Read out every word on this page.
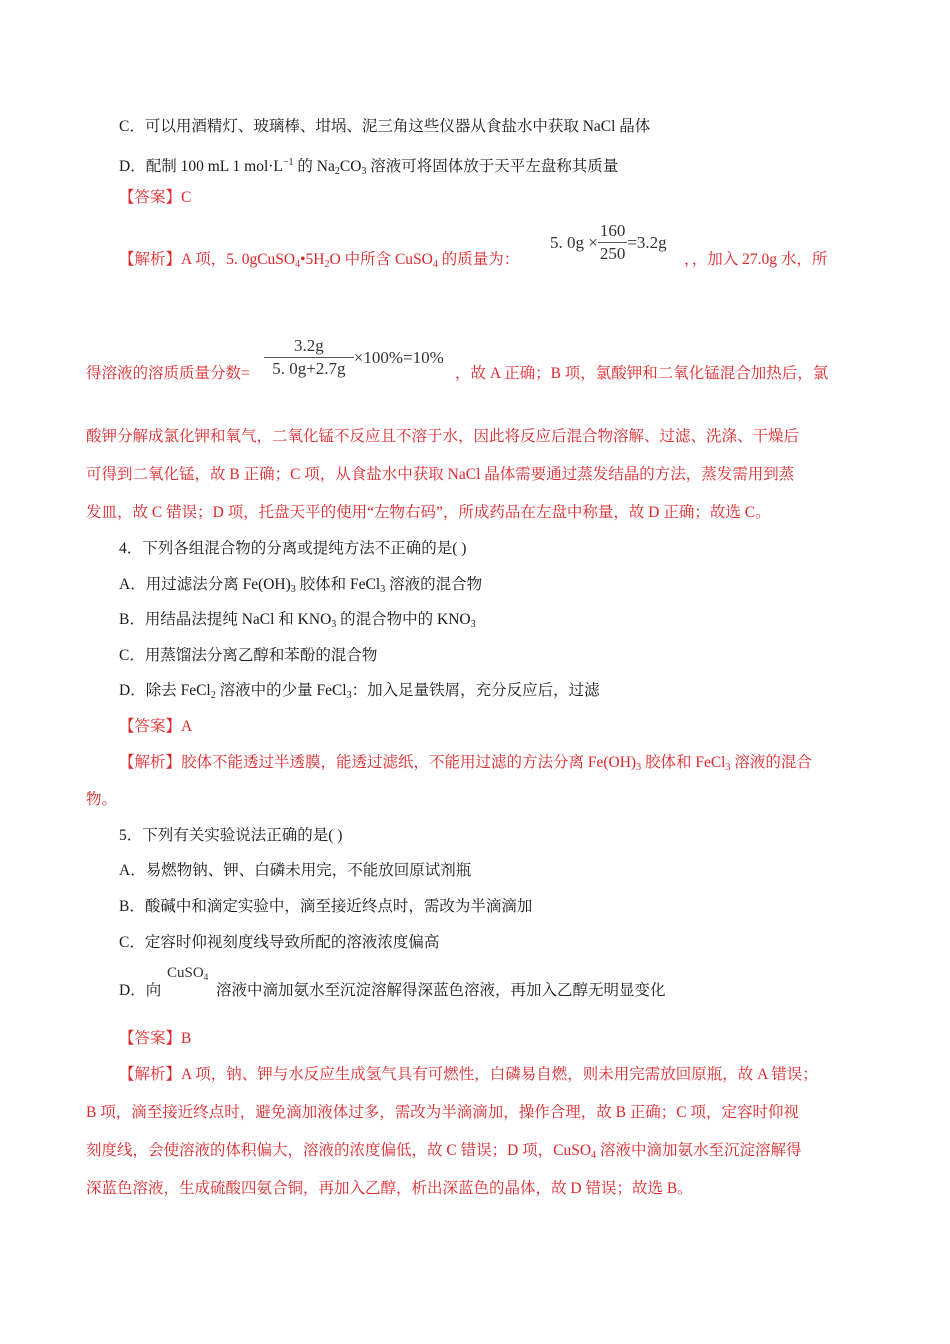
C．可以用酒精灯、玻璃棒、坩埚、泥三角这些仪器从食盐水中获取 NaCl 晶体
D．配制 100 mL 1 $mol\cdot L^{-1}$ 的 $Na_2CO_3$ 溶液可将固体放于天平左盘称其质量
【答案】C
【解析】A 项，5. $0gCuSO_4•5H_2O$ 中所含 CuSO$_4$ 的质量为：
5. $0g \times \frac{160}{250} =3.2g$
，，加入 27.0g 水，所
得溶液的溶质质量分数= $\frac{3.2g}{5. 0g+2.7g} \times 100\%=10\%$
，故 A 正确；B 项，氯酸钾和二氧化锰混合加热后，氯
酸钾分解成氯化钾和氧气，二氧化锰不反应且不溶于水，因此将反应后混合物溶解、过滤、洗涤、干燥后
可得到二氧化锰，故 B 正确；C 项，从食盐水中获取 NaCl 晶体需要通过蒸发结晶的方法，蒸发需用到蒸
发皿，故 C 错误；D 项，托盘天平的使用“左物右码”，所成药品在左盘中称量，故 D 正确；故选 C。
4．下列各组混合物的分离或提纯方法不正确的是( )
A．用过滤法分离 $Fe(OH)_3$ 胶体和 FeCl$_3$ 溶液的混合物
B．用结晶法提纯 NaCl 和 $KNO_3$ 的混合物中的 $KNO_3$
C．用蒸馏法分离乙醇和苯酚的混合物
D．除去 FeCl$_2$ 溶液中的少量 FeCl$_3$：加入足量铁屑，充分反应后，过滤
【答案】A
【解析】胶体不能透过半透膜，能透过滤纸，不能用过滤的方法分离 $Fe(OH)_3$ 胶体和 FeCl$_3$ 溶液的混合
物。
5．下列有关实验说法正确的是( )
A．易燃物钠、钾、白磷未用完，不能放回原试剂瓶
B．酸碱中和滴定实验中，滴至接近终点时，需改为半滴滴加
C．定容时仰视刻度线导致所配的溶液浓度偏高
D．向
CuSO$_4$
溶液中滴加氨水至沉淀溶解得深蓝色溶液，再加入乙醇无明显变化
【答案】B
【解析】A 项，钠、钾与水反应生成氢气具有可燃性，白磷易自燃，则未用完需放回原瓶，故 A 错误；
B 项，滴至接近终点时，避免滴加液体过多，需改为半滴滴加，操作合理，故 B 正确；C 项，定容时仰视
刻度线，会使溶液的体积偏大，溶液的浓度偏低，故 C 错误；D 项，CuSO$_4$ 溶液中滴加氨水至沉淀溶解得
深蓝色溶液，生成硫酸四氨合铜，再加入乙醇，析出深蓝色的晶体，故 D 错误；故选 B。
